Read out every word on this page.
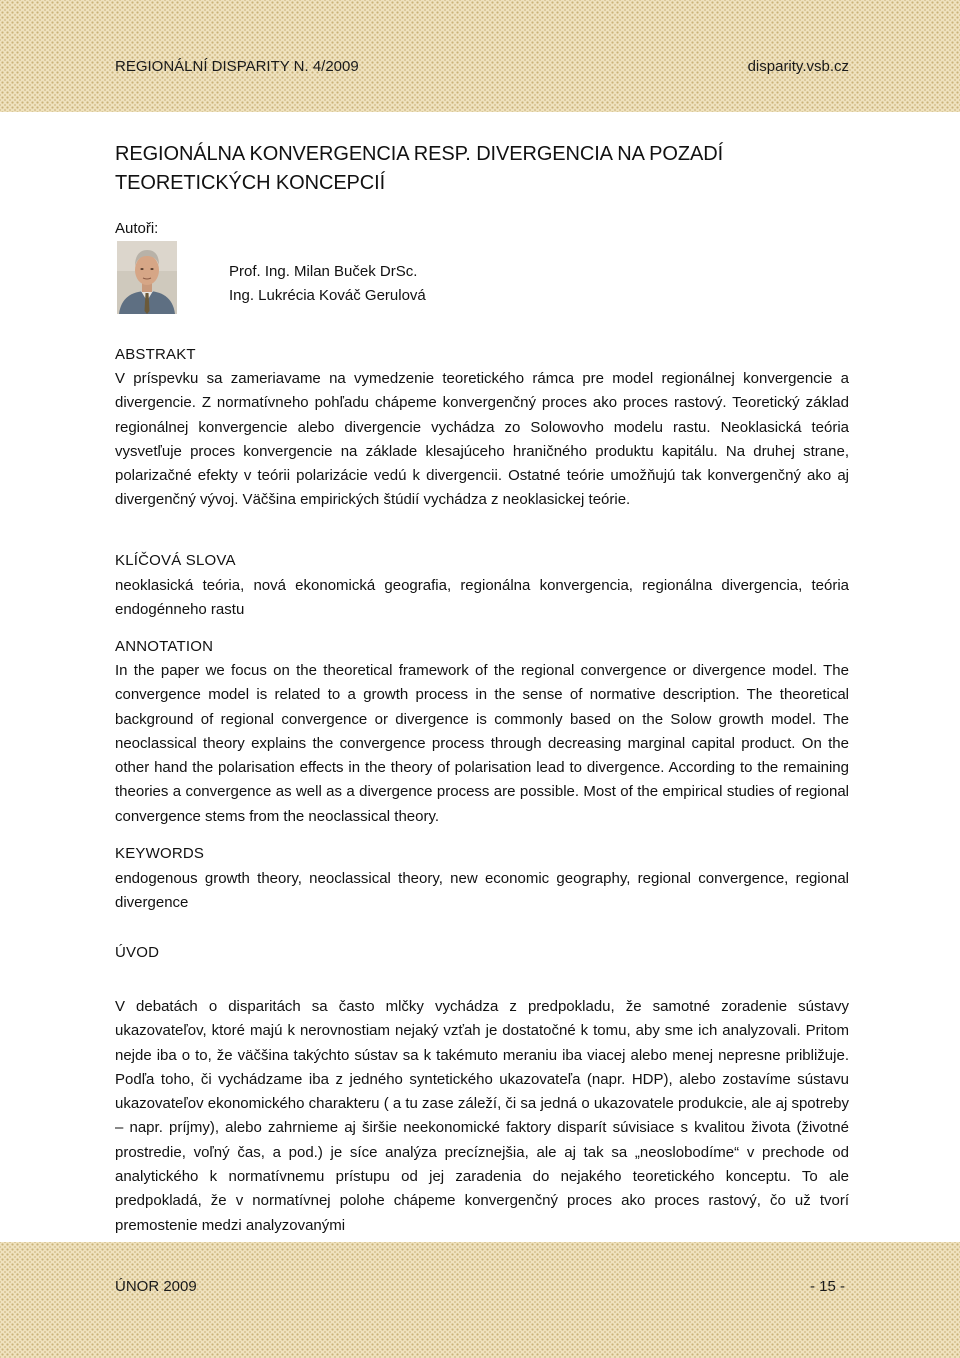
REGIONÁLNÍ DISPARITY N. 4/2009	disparity.vsb.cz
REGIONÁLNA KONVERGENCIA RESP. DIVERGENCIA NA POZADÍ TEORETICKÝCH KONCEPCIÍ
Autoři:
Prof. Ing. Milan Buček DrSc.
Ing. Lukrécia Kováč Gerulová
ABSTRAKT

V príspevku sa zameriavame na vymedzenie teoretického rámca pre model regionálnej konvergencie a divergencie. Z normatívneho pohľadu chápeme konvergenčný proces ako proces rastový. Teoretický základ regionálnej konvergencie alebo divergencie vychádza zo Solowovho modelu rastu. Neoklasická teória vysvetľuje proces konvergencie na základe klesajúceho hraničného produktu kapitálu. Na druhej strane, polarizačné efekty v teórii polarizácie vedú k divergencii. Ostatné teórie umožňujú tak konvergenčný ako aj divergenčný vývoj. Väčšina empirických štúdií vychádza z neoklasickej teórie.

KLÍČOVÁ SLOVA

neoklasická teória, nová ekonomická geografia, regionálna konvergencia, regionálna divergencia, teória endogénneho rastu

ANNOTATION

In the paper we focus on the theoretical framework of the regional convergence or divergence model. The convergence model is related to a growth process in the sense of normative description. The theoretical background of regional convergence or divergence is commonly based on the Solow growth model. The neoclassical theory explains the convergence process through decreasing marginal capital product. On the other hand the polarisation effects in the theory of polarisation lead to divergence. According to the remaining theories a convergence as well as a divergence process are possible. Most of the empirical studies of regional convergence stems from the neoclassical theory.

KEYWORDS

endogenous growth theory, neoclassical theory, new economic geography, regional convergence, regional divergence

ÚVOD

V debatách o disparitách sa často mlčky vychádza z predpokladu, že samotné zoradenie sústavy ukazovateľov, ktoré majú k nerovnostiam nejaký vzťah je dostatočné k tomu, aby sme ich analyzovali. Pritom nejde iba o to, že väčšina takýchto sústav sa k takémuto meraniu iba viacej alebo menej nepresne približuje. Podľa toho, či vychádzame iba z jedného syntetického ukazovateľa (napr. HDP), alebo zostavíme sústavu ukazovateľov ekonomického charakteru ( a tu zase záleží, či sa jedná o ukazovatele produkcie, ale aj spotreby – napr. príjmy), alebo zahrnieme aj širšie neekonomické faktory disparít súvisiace s kvalitou života (životné prostredie, voľný čas, a pod.) je síce analýza precíznejšia, ale aj tak sa „neoslobodíme“ v prechode od analytického k normatívnemu prístupu od jej zaradenia do nejakého teoretického konceptu. To ale predpokladá, že v normatívnej polohe chápeme konvergenčný proces ako proces rastový, čo už tvorí premostenie medzi analyzovanými

ÚNOR 2009	- 15 -
